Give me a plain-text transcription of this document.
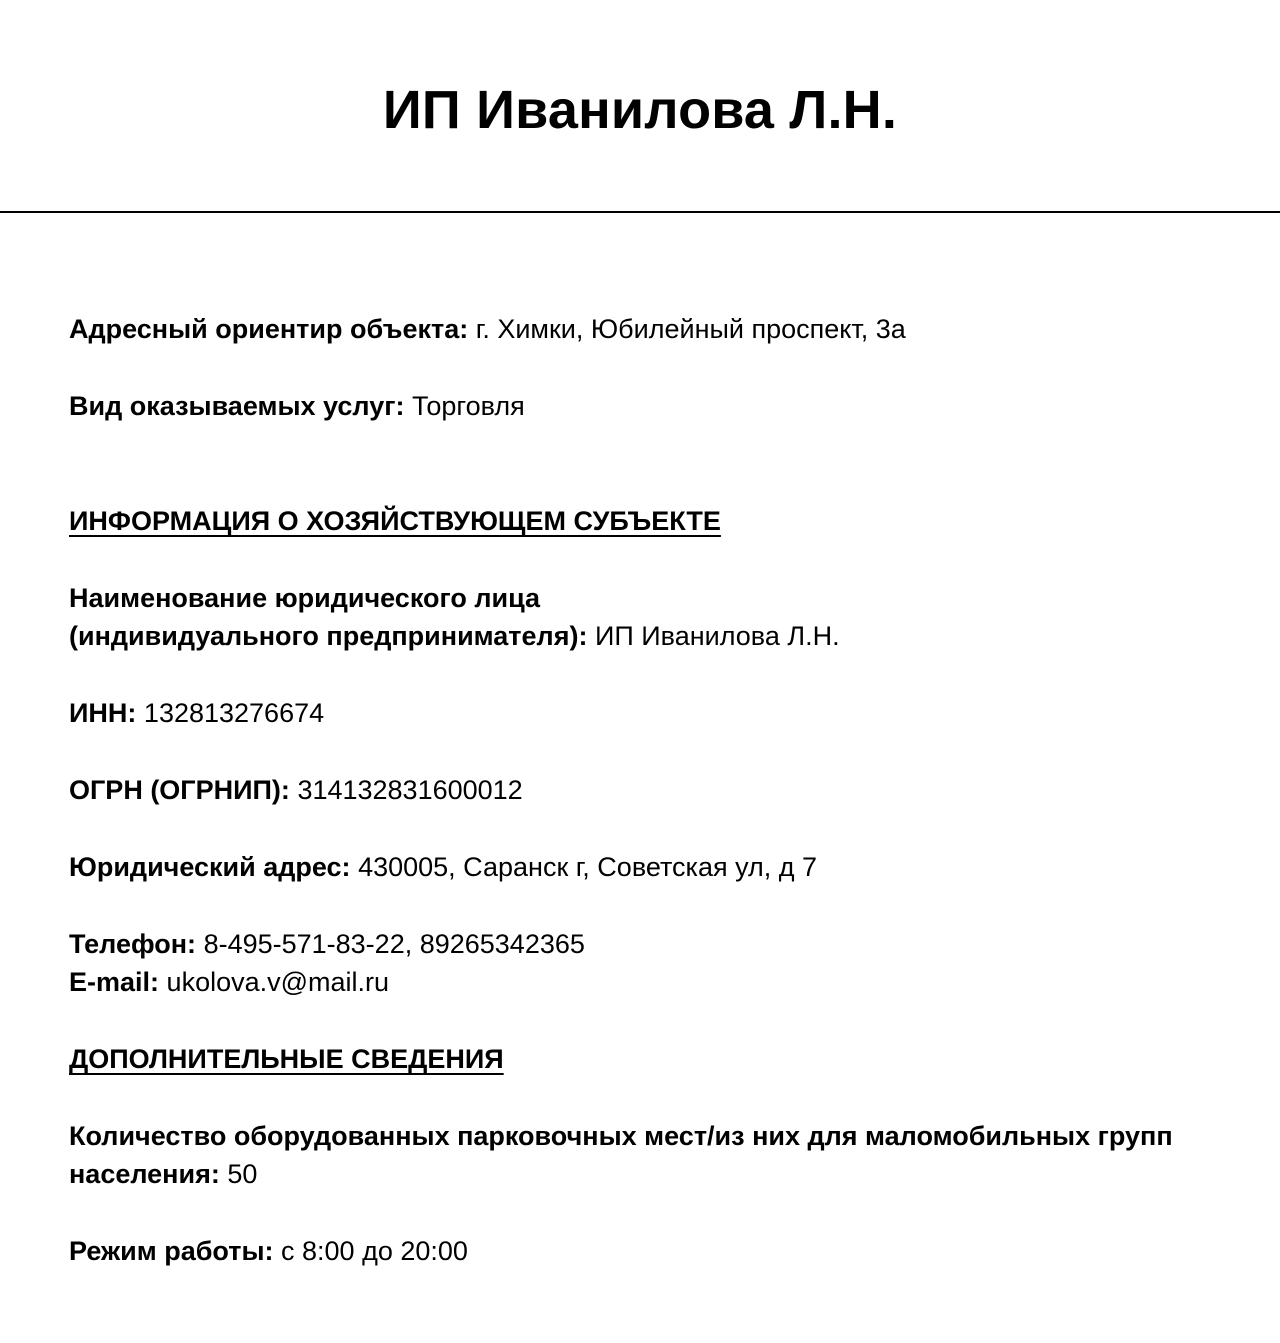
ИП Иванилова Л.Н.
Адресный ориентир объекта: г. Химки, Юбилейный проспект, 3а
Вид оказываемых услуг: Торговля
ИНФОРМАЦИЯ О ХОЗЯЙСТВУЮЩЕМ СУБЪЕКТЕ
Наименование юридического лица
(индивидуального предпринимателя): ИП Иванилова Л.Н.
ИНН: 132813276674
ОГРН (ОГРНИП): 314132831600012
Юридический адрес: 430005, Саранск г, Советская ул, д 7
Телефон: 8-495-571-83-22, 89265342365
E-mail: ukolova.v@mail.ru
ДОПОЛНИТЕЛЬНЫЕ СВЕДЕНИЯ
Количество оборудованных парковочных мест/из них для маломобильных групп
населения: 50
Режим работы: с 8:00 до 20:00
